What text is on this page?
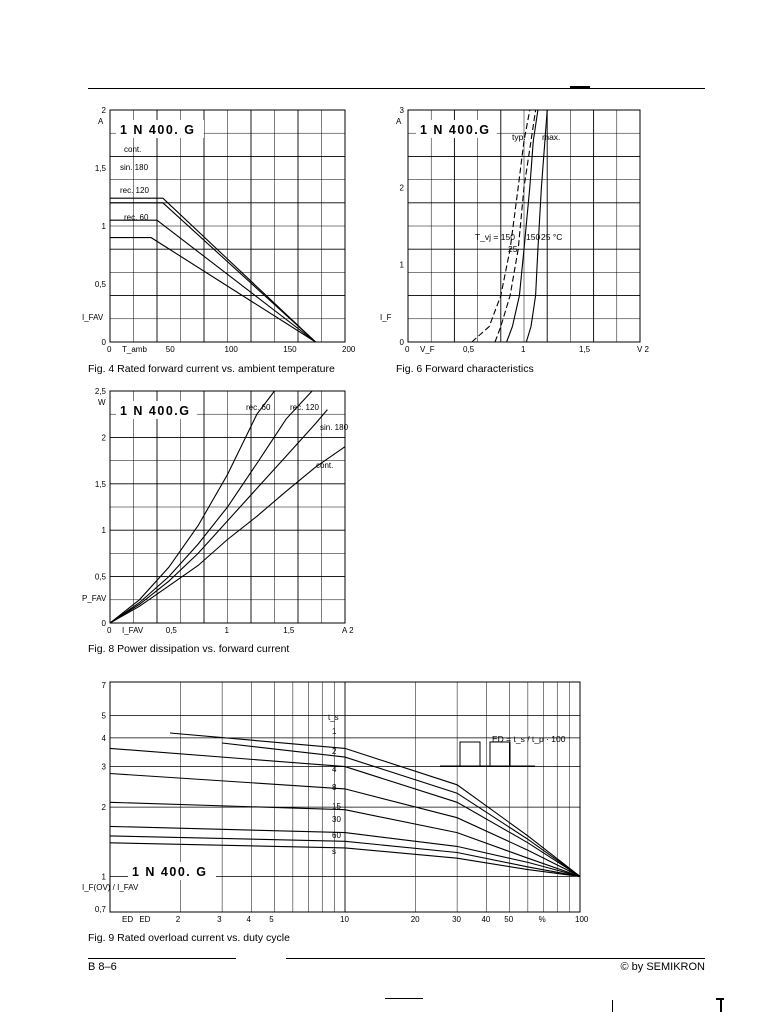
1 N 400. G
cont.
sin. 180
rec. 120
rec. 60
0	50	100	150	200
0
0,5
1
1,5
2
T_amb
I_FAV
A
Fig. 4 Rated forward current vs. ambient temperature
1 N 400.G
0	0,5	1	1,5	V 2
0
1
2
3
V_F
I_F
A
typ. max.
T_vj = 150 150 25 °C
25
Fig. 6 Forward characteristics
1 N 400.G	rec. 60 rec. 120
sin. 180
cont.
0	0,5	1	1,5	A 2
0
0,5
1
1,5
2
2,5
I_FAV
P_FAV
W
Fig. 8 Power dissipation vs. forward current
1 N 400. G
1
2
4
8
15
30
60
s
ED	2	3	4 5	10	20	30	40 50	%	100
0,7
1
2
3
4
5
7
ED
I_F(OV) / I_FAV
ED = t_s / t_p · 100
t_s
Fig. 9 Rated overload current vs. duty cycle
B 8–6	© by SEMIKRON
